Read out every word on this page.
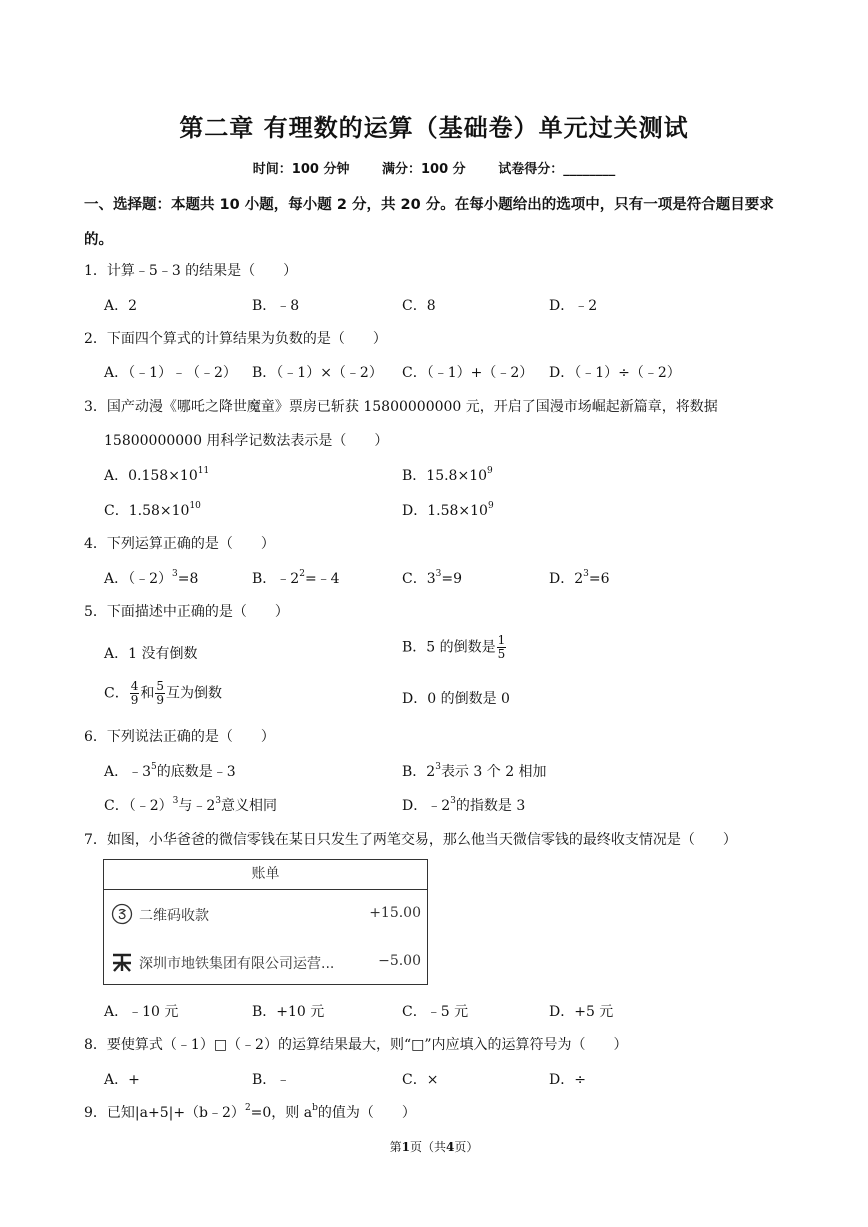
第二章 有理数的运算（基础卷）单元过关测试
时间：100 分钟	满分：100 分	试卷得分：________
一、选择题：本题共 10 小题，每小题 2 分，共 20 分。在每小题给出的选项中，只有一项是符合题目要求的。
1．计算﹣5﹣3 的结果是（　　）
A．2	B．﹣8	C．8	D．﹣2
2．下面四个算式的计算结果为负数的是（　　）
A．（﹣1）﹣（﹣2） B．（﹣1）×（﹣2） C．（﹣1）+（﹣2） D．（﹣1）÷（﹣2）
3．国产动漫《哪吒之降世魔童》票房已斩获 15800000000 元，开启了国漫市场崛起新篇章，将数据
15800000000 用科学记数法表示是（　　）
A．$0.158\times 10^{11}$	B．$15.8\times 10^9$
C．$1.58\times 10^{10}$	D．$1.58\times 10^9$
4．下列运算正确的是（　　）
A．（﹣2）$^3$=8	B．$﹣2^2=﹣4$	C．$3^3=9$	D．$2^3=6$
5．下面描述中正确的是（　　）
A．1 没有倒数	B．5 的倒数是 $\frac{1}{5}$
C． $\frac{4}{9}$ 和 $\frac{5}{9}$ 互为倒数	D．0 的倒数是 0
6．下列说法正确的是（　　）
A．$﹣3^5$的底数是﹣3	B．$2^3$表示 3 个 2 相加
C．（﹣2）$^3$与$﹣2^3$意义相同	D．$﹣2^3$的指数是 3
7．如图，小华爸爸的微信零钱在某日只发生了两笔交易，那么他当天微信零钱的最终收支情况是（　　）
账单
二维码收款	+15.00
深圳市地铁集团有限公司运营...	−5.00
A．﹣10 元	B．+10 元	C．﹣5 元	D．+5 元
8．要使算式（﹣1）□（﹣2）的运算结果最大，则“□”内应填入的运算符号为（　　）
A．+	B．﹣	C．×	D．÷
9．已知|a+5|+（b﹣2）$^2$=0，则 $a^b$的值为（　　）
第1页（共4页）
